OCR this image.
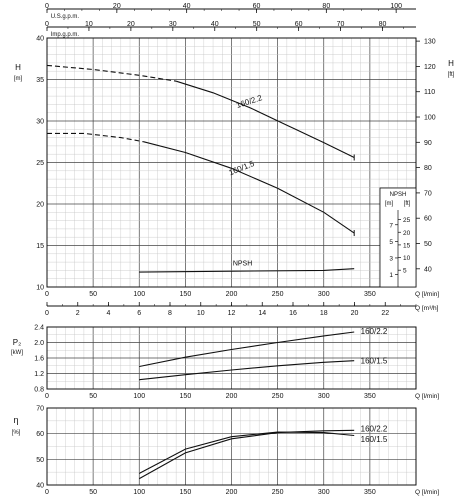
0	20	40	60	80	100
U.S.g.p.m.
0	10	20	30	40	50	60	70	80
Imp.g.p.m.
10
15
20
25
30
35
40
H
[m]
40
50
60
70
80
90
100
110
120
130
H
[ft]
160/2.2
160/1.5
NPSH
NPSH
[m] [ft]
1
3
5
7
5
10
15
20
25
0	50	100	150	200	250	300	350	Q [l/min]
0	2	4	6	8	10	12	14	16	18	20	22
Q [m³/h]
0.8
1.2
1.6
2.0
2.4
P₂
[kW]
160/2.2
160/1.5
0	50	100	150	200	250	300	350	Q [l/min]
40
50
60
70
η
[%]	160/2.2
160/1.5
0	50	100	150	200	250	300	350	Q [l/min]
